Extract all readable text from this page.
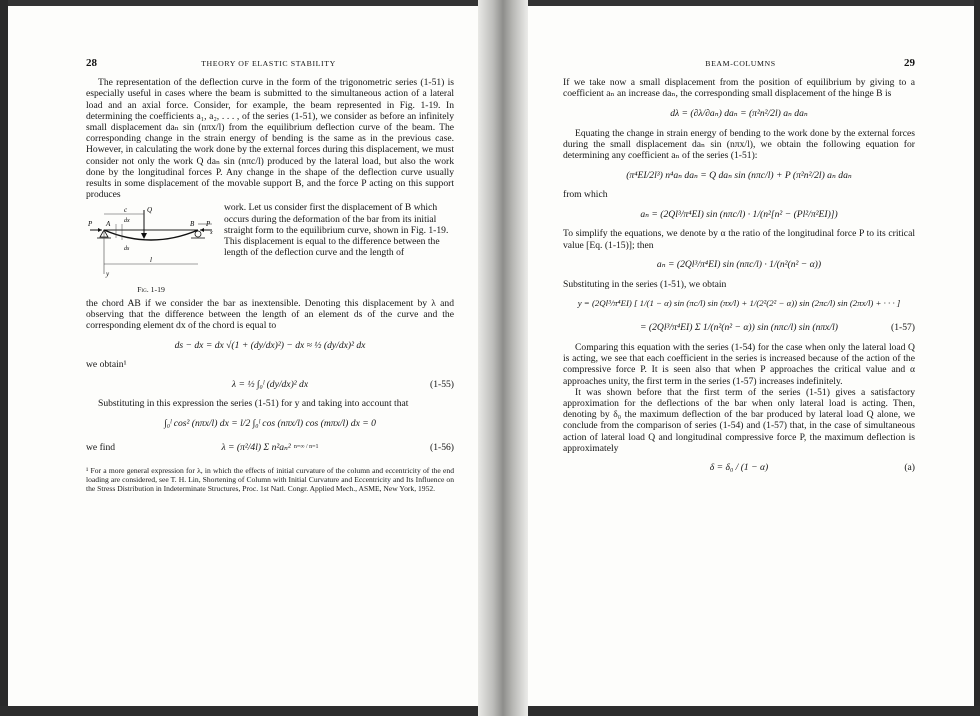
28	THEORY OF ELASTIC STABILITY

The representation of the deflection curve in the form of the trigonometric series (1-51) is especially useful in cases where the beam is submitted to the simultaneous action of a lateral load and an axial force. Consider, for example, the beam represented in Fig. 1-19. In determining the coefficients a₁, a₂, . . . , of the series (1-51), we consider as before an infinitely small displacement daₙ sin (nπx/l) from the equilibrium deflection curve of the beam. The corresponding change in the strain energy of bending is the same as in the previous case. However, in calculating the work done by the external forces during this displacement, we must consider not only the work Q daₙ sin (nπc/l) produced by the lateral load, but also the work done by the longitudinal forces P. Any change in the shape of the deflection curve usually results in some displacement of the movable support B, and the force P acting on this support produces

c	Q
P A dx	B P
x
ds
l
y
Fig. 1-19

work. Let us consider first the displacement of B which occurs during the deformation of the bar from its initial straight form to the equilibrium curve, shown in Fig. 1-19. This displacement is equal to the difference between the length of the deflection curve and the length of

the chord AB if we consider the bar as inextensible. Denoting this displacement by λ and observing that the difference between the length of an element ds of the curve and the corresponding element dx of the chord is equal to

ds − dx = dx √(1 + (dy/dx)²) − dx ≈ ½ (dy/dx)² dx

we obtain¹

λ = ½ ∫₀ˡ (dy/dx)² dx	(1-55)

Substituting in this expression the series (1-51) for y and taking into account that

∫₀ˡ cos² (nπx/l) dx = l/2 ∫₀ˡ cos (nπx/l) cos (mπx/l) dx = 0
we find	λ = (π²/4l) Σ n²aₙ² n=∞ / n=1	(1-56)

¹ For a more general expression for λ, in which the effects of initial curvature of the column and eccentricity of the end loading are considered, see T. H. Lin, Shortening of Column with Initial Curvature and Eccentricity and Its Influence on the Stress Distribution in Indeterminate Structures, Proc. 1st Natl. Congr. Applied Mech., ASME, New York, 1952.

BEAM-COLUMNS	29

If we take now a small displacement from the position of equilibrium by giving to a coefficient aₙ an increase daₙ, the corresponding small displacement of the hinge B is

dλ = (∂λ/∂aₙ) daₙ = (π²n²/2l) aₙ daₙ

Equating the change in strain energy of bending to the work done by the external forces during the small displacement daₙ sin (nπx/l), we obtain the following equation for determining any coefficient aₙ of the series (1-51):

(π⁴EI/2l³) n⁴aₙ daₙ = Q daₙ sin (nπc/l) + P (π²n²/2l) aₙ daₙ

from which

aₙ = (2Ql³/π⁴EI) sin (nπc/l) · 1/(n²[n² − (Pl²/π²EI)])

To simplify the equations, we denote by α the ratio of the longitudinal force P to its critical value [Eq. (1-15)]; then

aₙ = (2Ql³/π⁴EI) sin (nπc/l) · 1/(n²(n² − α))

Substituting in the series (1-51), we obtain

y = (2Ql³/π⁴EI) [ 1/(1 − α) sin (πc/l) sin (πx/l) + 1/(2²(2² − α)) sin (2πc/l) sin (2πx/l) + · · · ]
= (2Ql³/π⁴EI) Σ 1/(n²(n² − α)) sin (nπc/l) sin (nπx/l)	(1-57)

Comparing this equation with the series (1-54) for the case when only the lateral load Q is acting, we see that each coefficient in the series is increased because of the action of the compressive force P. It is seen also that when P approaches the critical value and α approaches unity, the first term in the series (1-57) increases indefinitely.

It was shown before that the first term of the series (1-51) gives a satisfactory approximation for the deflections of the bar when only lateral load is acting. Then, denoting by δ₀ the maximum deflection of the bar produced by lateral load Q alone, we conclude from the comparison of series (1-54) and (1-57) that, in the case of simultaneous action of lateral load Q and longitudinal compressive force P, the maximum deflection is approximately

δ = δ₀ / (1 − α)	(a)
